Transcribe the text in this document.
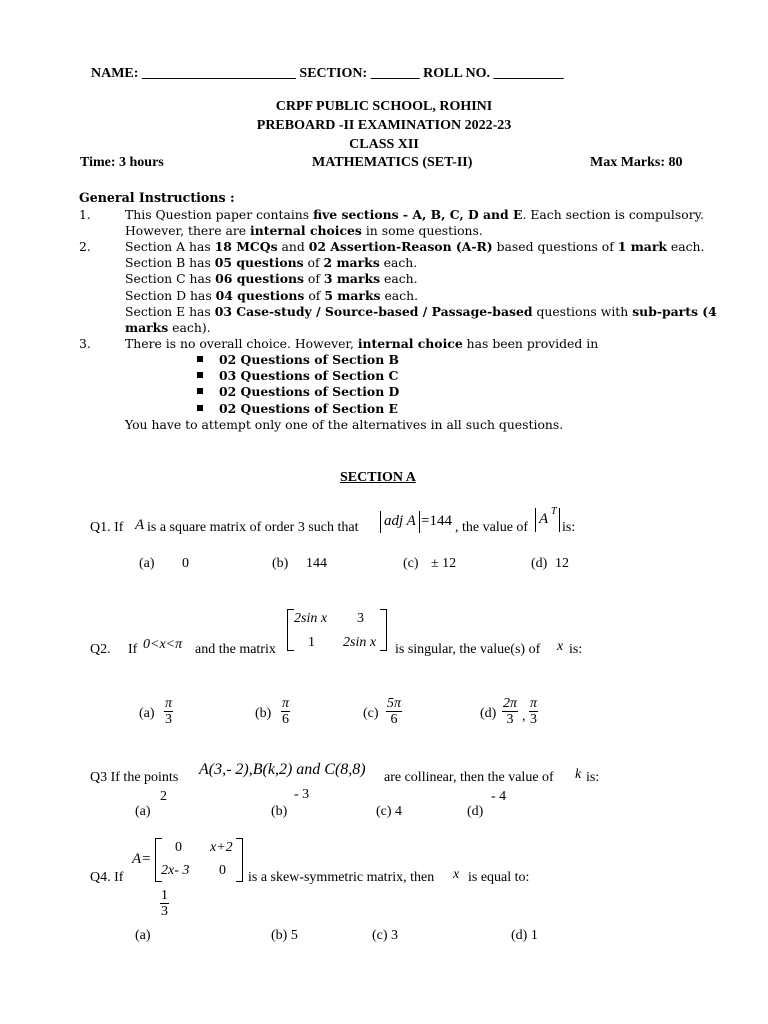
NAME: ______________________ SECTION: _______ ROLL NO. __________
CRPF PUBLIC SCHOOL, ROHINI
PREBOARD -II EXAMINATION 2022-23
CLASS XII
Time: 3 hours	MATHEMATICS (SET-II)	Max Marks: 80
General Instructions :
1.	This Question paper contains five sections - A, B, C, D and E. Each section is compulsory.
However, there are internal choices in some questions.
2.	Section A has 18 MCQs and 02 Assertion-Reason (A-R) based questions of 1 mark each.
Section B has 05 questions of 2 marks each.
Section C has 06 questions of 3 marks each.
Section D has 04 questions of 5 marks each.
Section E has 03 Case-study / Source-based / Passage-based questions with sub-parts (4
marks each).
3.	There is no overall choice. However, internal choice has been provided in
02 Questions of Section B
03 Questions of Section C
02 Questions of Section D
02 Questions of Section E
You have to attempt only one of the alternatives in all such questions.
SECTION A
Q1. If A is a square matrix of order 3 such that adj A =144 , the value of
A T
is:
(a) 0	(b) 144	(c) ± 12	(d) 12
Q2. If 0<x<π and the matrix
2sin x 3
1 2sin x is singular, the value(s) of x is:
$(a) \frac{\pi}{3}$	$(b) \frac{\pi}{6}$	$(c) \frac{5\pi}{6}$	$(d) \frac{2\pi}{3}$ , $\frac{\pi}{3}$
Q3 If the points A(3,- 2),B(k,2) and C(8,8) are collinear, then the value of k is:
(a)
2
(b)
- 3
(c) 4	(d)
- 4
A=
0 x+2
2x- 3 0
Q4. If	is a skew-symmetric matrix, then x is equal to:
$\frac{1}{3}$
(a)	(b) 5	(c) 3	(d) 1
